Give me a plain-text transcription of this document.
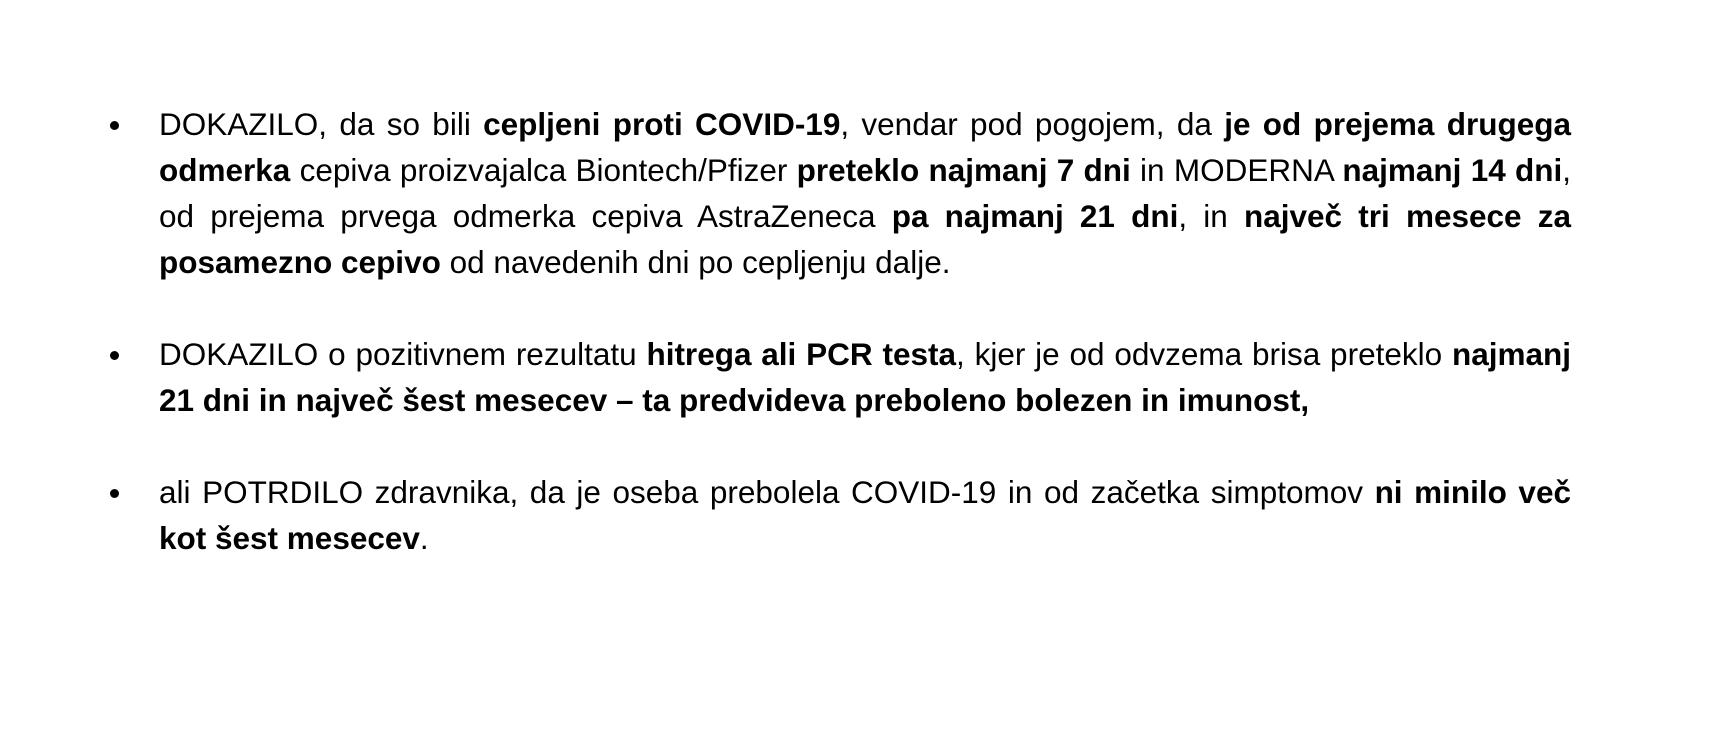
DOKAZILO, da so bili cepljeni proti COVID-19, vendar pod pogojem, da je od prejema drugega odmerka cepiva proizvajalca Biontech/Pfizer preteklo najmanj 7 dni in MODERNA najmanj 14 dni, od prejema prvega odmerka cepiva AstraZeneca pa najmanj 21 dni, in največ tri mesece za posamezno cepivo od navedenih dni po cepljenju dalje.

DOKAZILO o pozitivnem rezultatu hitrega ali PCR testa, kjer je od odvzema brisa preteklo najmanj 21 dni in največ šest mesecev – ta predvideva preboleno bolezen in imunost,

ali POTRDILO zdravnika, da je oseba prebolela COVID-19 in od začetka simptomov ni minilo več kot šest mesecev.
